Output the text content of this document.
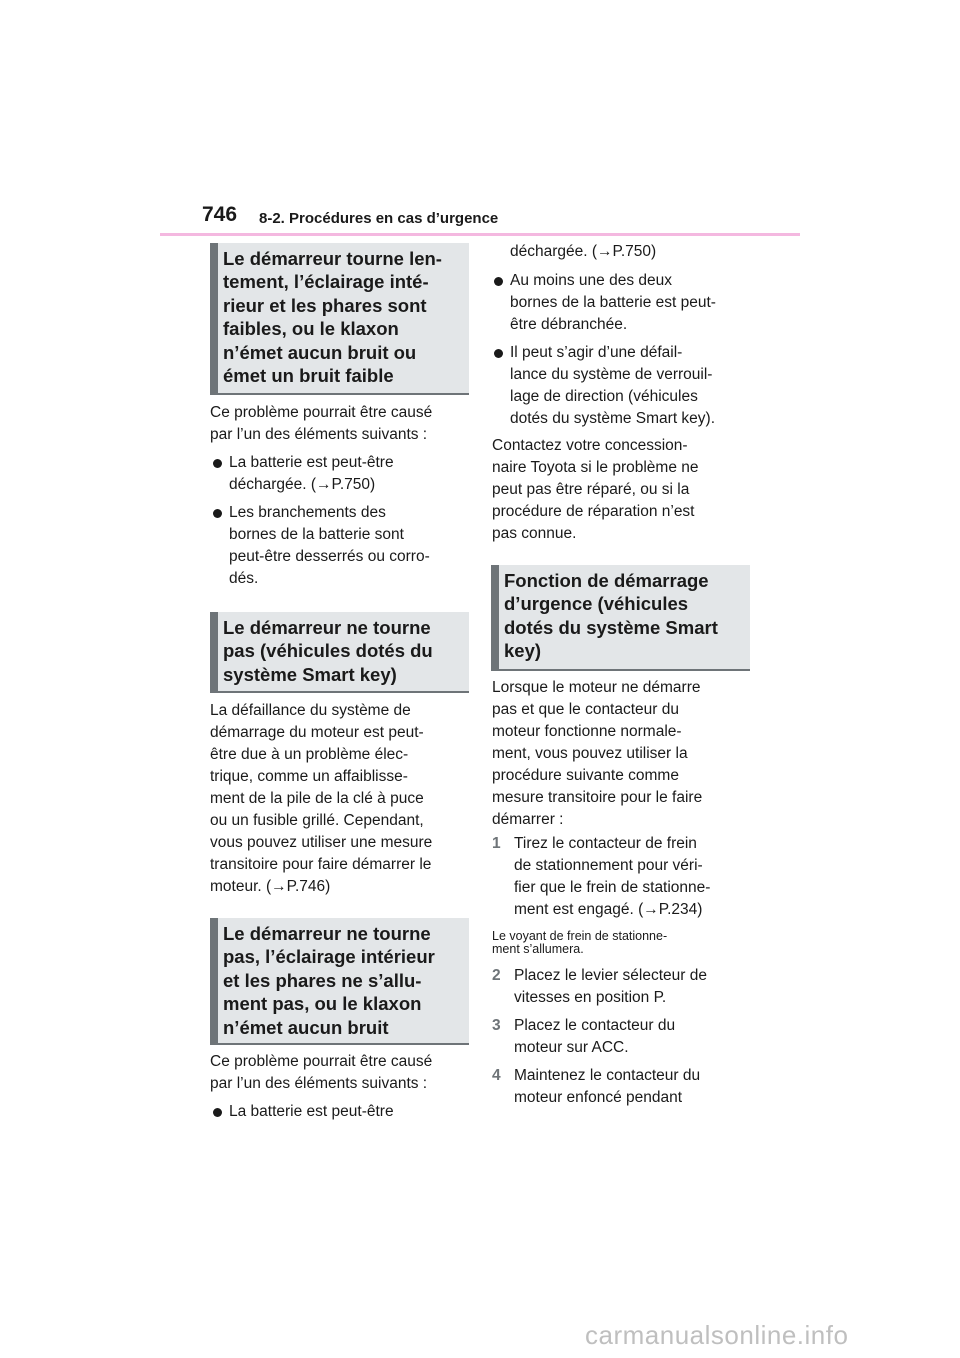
746 8-2. Procédures en cas d’urgence
Le démarreur tourne len-
tement, l’éclairage inté-
rieur et les phares sont
faibles, ou le klaxon
n’émet aucun bruit ou
émet un bruit faible
Ce problème pourrait être causé
par l’un des éléments suivants :
La batterie est peut-être
déchargée. (→P.750)
Les branchements des
bornes de la batterie sont
peut-être desserrés ou corro-
dés.
Le démarreur ne tourne
pas (véhicules dotés du
système Smart key)
La défaillance du système de
démarrage du moteur est peut-
être due à un problème élec-
trique, comme un affaiblisse-
ment de la pile de la clé à puce
ou un fusible grillé. Cependant,
vous pouvez utiliser une mesure
transitoire pour faire démarrer le
moteur. (→P.746)
Le démarreur ne tourne
pas, l’éclairage intérieur
et les phares ne s’allu-
ment pas, ou le klaxon
n’émet aucun bruit
Ce problème pourrait être causé
par l’un des éléments suivants :
La batterie est peut-être
déchargée. (→P.750)
Au moins une des deux
bornes de la batterie est peut-
être débranchée.
Il peut s’agir d’une défail-
lance du système de verrouil-
lage de direction (véhicules
dotés du système Smart key).
Contactez votre concession-
naire Toyota si le problème ne
peut pas être réparé, ou si la
procédure de réparation n’est
pas connue.
Fonction de démarrage
d’urgence (véhicules
dotés du système Smart
key)
Lorsque le moteur ne démarre
pas et que le contacteur du
moteur fonctionne normale-
ment, vous pouvez utiliser la
procédure suivante comme
mesure transitoire pour le faire
démarrer :
1 Tirez le contacteur de frein
de stationnement pour véri-
fier que le frein de stationne-
ment est engagé. (→P.234)
Le voyant de frein de stationne-
ment s’allumera.
2 Placez le levier sélecteur de
vitesses en position P.
3 Placez le contacteur du
moteur sur ACC.
4 Maintenez le contacteur du
moteur enfoncé pendant
carmanualsonline.info
